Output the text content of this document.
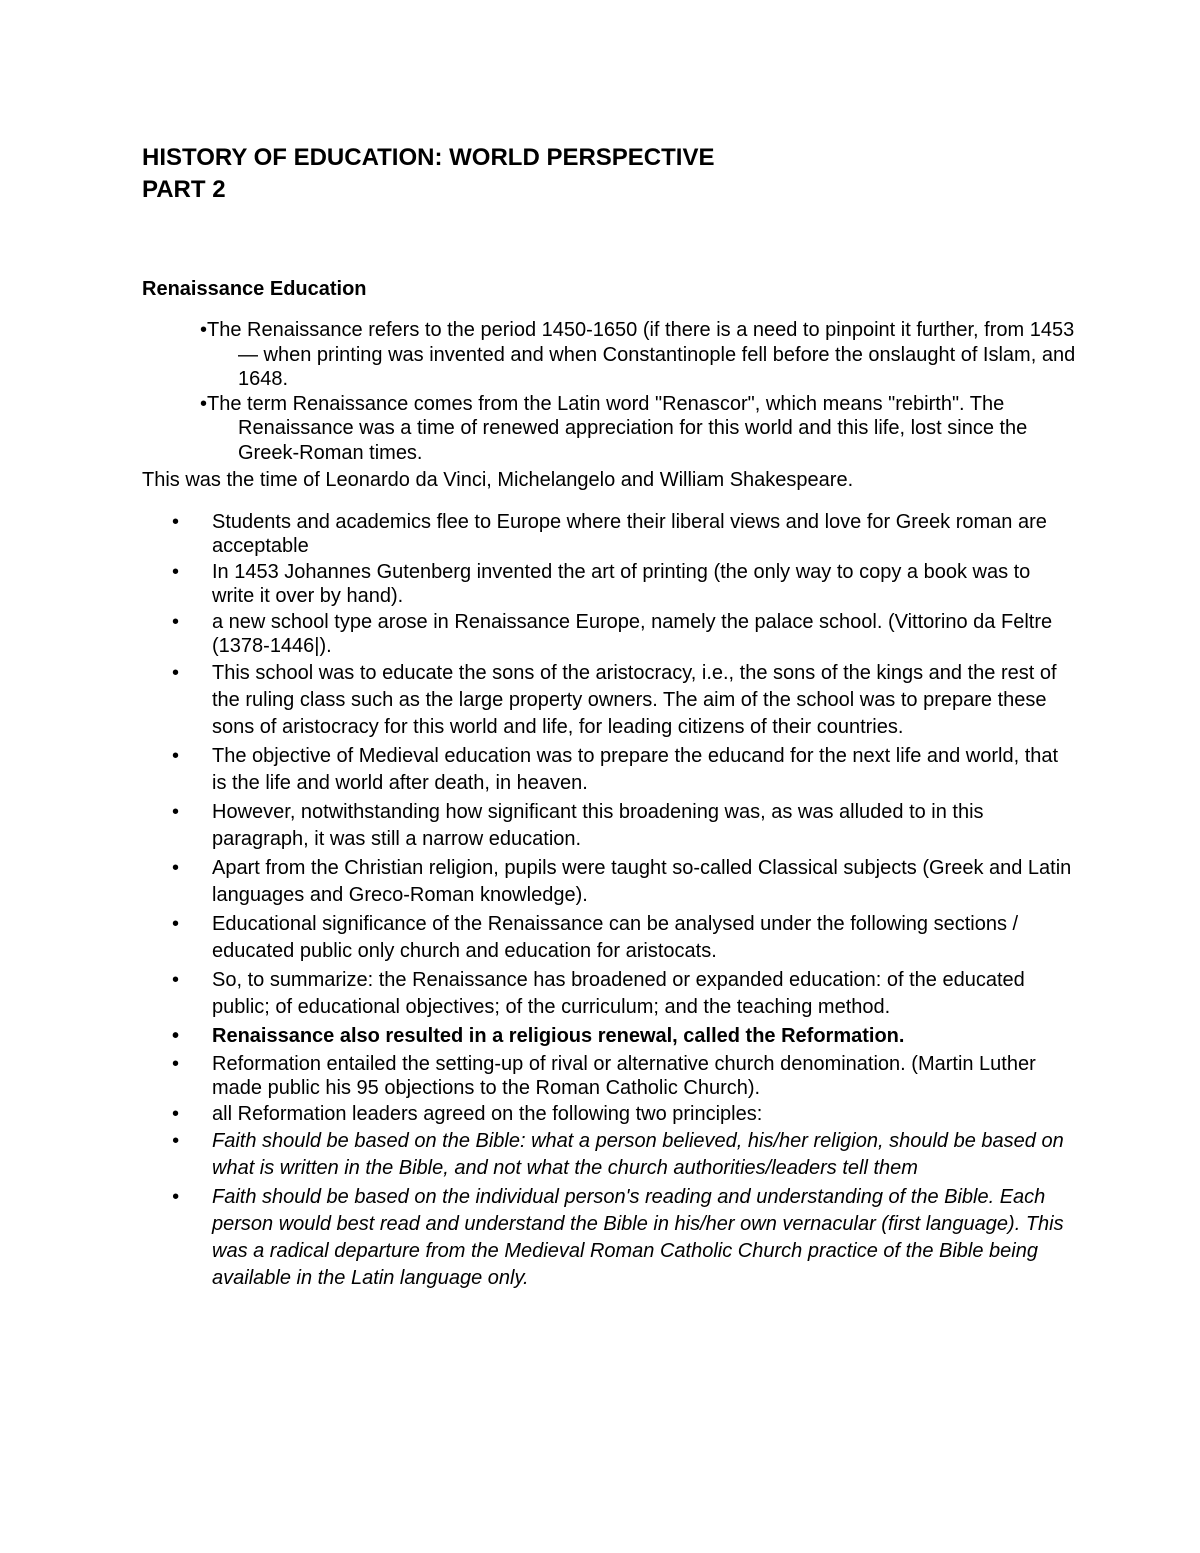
HISTORY OF EDUCATION: WORLD PERSPECTIVE
PART 2
Renaissance Education

•The Renaissance refers to the period 1450-1650 (if there is a need to pinpoint it further, from 1453 — when printing was invented and when Constantinople fell before the onslaught of Islam, and 1648.

•The term Renaissance comes from the Latin word "Renascor", which means "rebirth". The Renaissance was a time of renewed appreciation for this world and this life, lost since the Greek-Roman times.

This was the time of Leonardo da Vinci, Michelangelo and William Shakespeare.

•	Students and academics flee to Europe where their liberal views and love for Greek roman are acceptable
•	In 1453 Johannes Gutenberg invented the art of printing (the only way to copy a book was to write it over by hand).
•	a new school type arose in Renaissance Europe, namely the palace school. (Vittorino da Feltre (1378-1446|).
•	This school was to educate the sons of the aristocracy, i.e., the sons of the kings and the rest of the ruling class such as the large property owners. The aim of the school was to prepare these sons of aristocracy for this world and life, for leading citizens of their countries.
•	The objective of Medieval education was to prepare the educand for the next life and world, that is the life and world after death, in heaven.
•	However, notwithstanding how significant this broadening was, as was alluded to in this paragraph, it was still a narrow education.
•	Apart from the Christian religion, pupils were taught so-called Classical subjects (Greek and Latin languages and Greco-Roman knowledge).
•	Educational significance of the Renaissance can be analysed under the following sections / educated public only church and education for aristocats.
•	So, to summarize: the Renaissance has broadened or expanded education: of the educated public; of educational objectives; of the curriculum; and the teaching method.
•	Renaissance also resulted in a religious renewal, called the Reformation.
•	Reformation entailed the setting-up of rival or alternative church denomination. (Martin Luther made public his 95 objections to the Roman Catholic Church).
•	all Reformation leaders agreed on the following two principles:
•	Faith should be based on the Bible: what a person believed, his/her religion, should be based on what is written in the Bible, and not what the church authorities/leaders tell them
•	Faith should be based on the individual person's reading and understanding of the Bible. Each person would best read and understand the Bible in his/her own vernacular (first language). This was a radical departure from the Medieval Roman Catholic Church practice of the Bible being available in the Latin language only.
